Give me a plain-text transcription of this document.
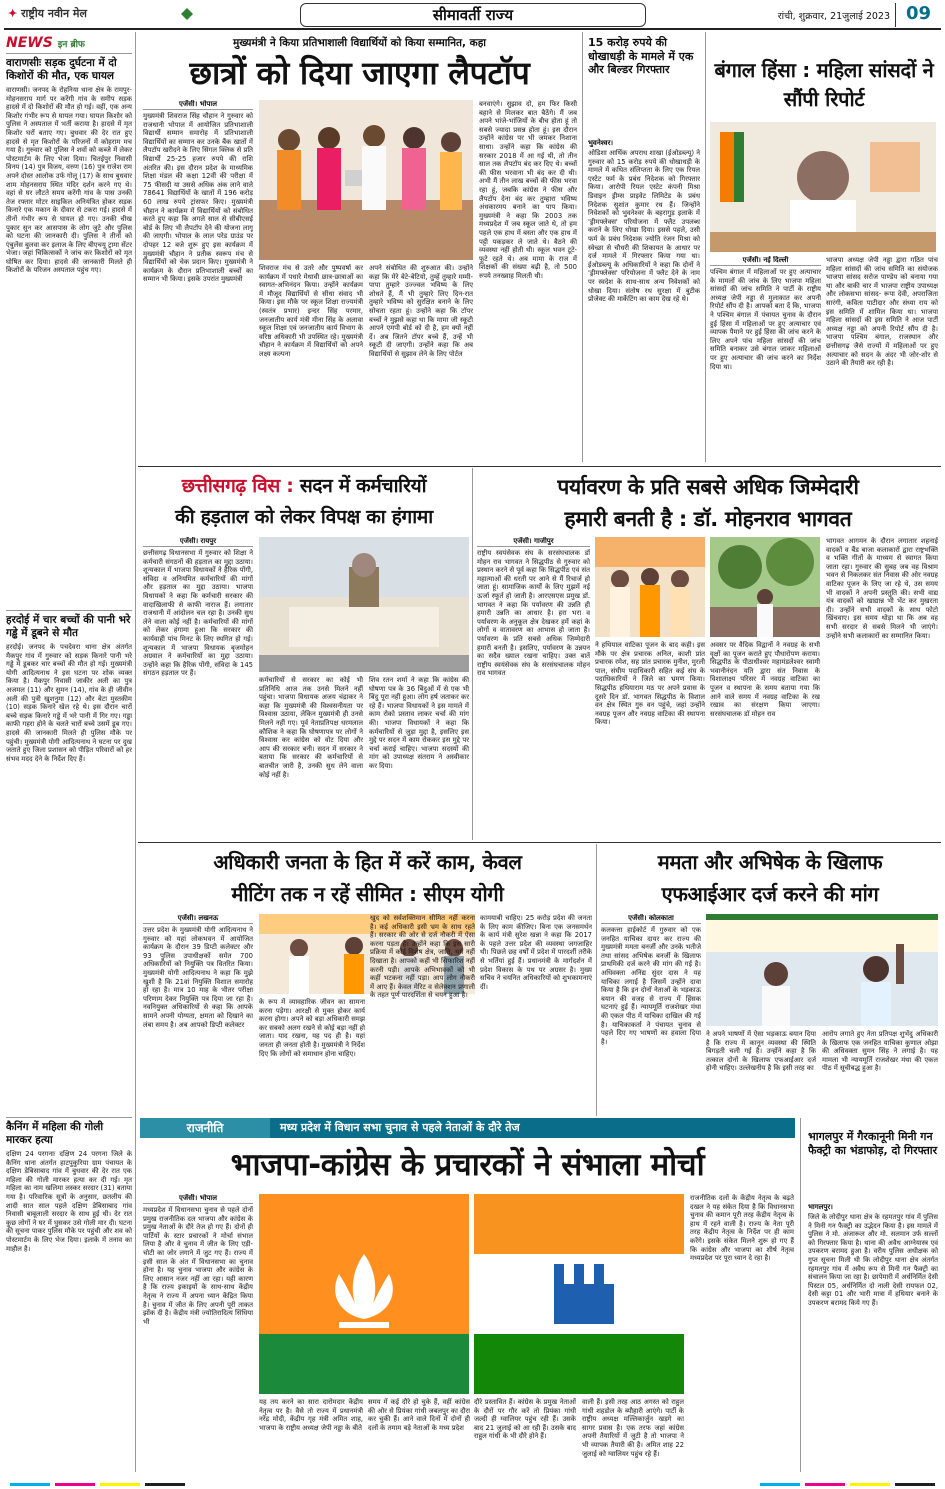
✦ राष्ट्रीय नवीन मेल	सीमावर्ती राज्य	रांची, शुक्रवार, 21जुलाई 2023 09
NEWS इन ब्रीफ
वाराणसीः सड़क दुर्घटना में दो किशोरों की मौत, एक घायल
वाराणसी। जनपद के रोहनिया थाना क्षेत्र के रामपुर-मोहनसराय मार्ग पर करेंगी गांव के समीप सड़क हादसे में दो किशोरों की मौत हो गई। वहीं, एक अन्य किशोर गंभीर रूप से घायल गया। घायल किशोर को पुलिस ने अस्पताल में भर्ती कराया है। हादसे में मृत किशोर घरों बताए गए। बुधवार की देर रात हुए हादसे से मृत किशोरों के परिजनों में कोहराम मच गया है। गुरुवार को पुलिस ने शवों को कब्जे में लेकर पोस्टमार्टम के लिए भेजा दिया। चितईपुर निवासी विनय (14) पुत्र विजय, वरुण (16) पुत्र राजेश राम अपने दोस्त आलोक उर्फ गोलू (17) के साथ बुधवार शाम मोहनसराय स्थित मंदिर दर्शन करने गए थे। वहां से घर लौटते समय करेंगी गांव के पास उनकी तेज रफ्तार मोटर साइकिल अनियंत्रित होकर सड़क किनारे एक मकान के दीवार से टकरा गई। हादसे में तीनों गंभीर रूप से घायल हो गए। उनकी चीख पुकार सुन कर आसपास के लोग जुटे और पुलिस को घटना की जानकारी दी। पुलिस ने तीनों को एंबुलेंस बुलवा कर इलाज के लिए बीएचयू ट्रामा सेंटर भेजा। जहां चिकित्सकों ने जांच कर किशोरों को मृत घोषित कर दिया। हादसे की जानकारी मिलते ही किशोरों के परिजन अस्पताल पहुंच गए।
हरदोई में चार बच्चों की पानी भरे गड्ढे में डूबने से मौत
हरदोई। जनपद के पचदेवरा थाना क्षेत्र अंतर्गत मैकपुर गांव में गुरुवार को सड़क किनारे पानी भरे गड्ढे में डूबकर चार बच्चों की मौत हो गई। मुख्यमंत्री योगी आदित्यनाथ ने इस घटना पर शोक व्यक्त किया है। मैकपुर निवासी जाकीर अली का पुत्र अजमल (11) और सुमन (14), गांव के ही जीवीन अली की पुत्री खुशनुमा (12) और बेटा मुस्तकीम (10) सड़क किनारे खेल रहे थे। इस दौरान चारों बच्चे सड़क किनारे गड्ढे में भरे पानी में गिर गए। गड्ढा काफी गहरा होने के चलते चारों बच्चे उसमें डूब गए। हादसे की जानकारी मिलते ही पुलिस मौके पर पहुंची। मुख्यमंत्री योगी आदित्यनाथ ने घटना पर दुख जताते हुए जिला प्रशासन को पीड़ित परिवारों को हर संभव मदद देने के निर्देश दिए हैं।
कैनिंग में महिला की गोली मारकर हत्या
दक्षिण 24 परगनाः दक्षिण 24 परगना जिले के कैनिंग थाना अंतर्गत हाटपुकुरिया ग्राम पंचायत के दक्षिण डेबिसाबाद गांव में बुधवार की देर रात एक महिला की गोली मारकर हत्या कर दी गई। मृत महिला का नाम खलिमा लस्कर सरदार (31) बताया गया है। परिवारिक सूत्रों के अनुसार, छतलीय की शादी सात साल पहले दक्षिण डेबिसाबाद गांव निवासी बाबूलाली सरदार के साथ हुई थी। देर रात कुछ लोगों ने घर में घुसकर उसे गोली मार दी। घटना की सूचना पाकर पुलिस मौके पर पहुंची और शव को पोस्टमार्टम के लिए भेज दिया। इलाके में तनाव का माहौल है।
मुख्यमंत्री ने किया प्रतिभाशाली विद्यार्थियों को किया सम्मानित, कहा
छात्रों को दिया जाएगा लैपटॉप
एजेंसी। भोपाल
मुख्यमंत्री शिवराज सिंह चौहान ने गुरुवार को राजधानी भोपाल में आयोजित प्रतिभाशाली विद्यार्थी सम्मान समारोह में प्रतिभाशाली विद्यार्थियों का सम्मान कर उनके बैंक खातों में लैपटॉप खरीदने के लिए सिंगल क्लिक से प्रति विद्यार्थी 25-25 हजार रुपये की राशि अंतरित की। इस दौरान प्रदेश के माध्यमिक शिक्षा मंडल की कक्षा 12वीं की परीक्षा में 75 फीसदी या उससे अधिक अंक लाने वाले 78641 विद्यार्थियों के खातों में 196 करोड़ 60 लाख रुपये ट्रांसफर किए। मुख्यमंत्री चौहान ने कार्यक्रम में विद्यार्थियों को संबोधित करते हुए कहा कि अगले साल से सीबीएसई बोर्ड के लिए भी लैपटॉप देने की योजना लागू की जाएगी। भोपाल के लाल परेड ग्राउंड पर दोपहर 12 बजे शुरू हुए इस कार्यक्रम में मुख्यमंत्री चौहान ने प्रतीक स्वरूप मंच से विद्यार्थियों को चेक प्रदान किए। मुख्यमंत्री ने कार्यक्रम के दौरान प्रतिभाशाली बच्चों का सम्मान भी किया। इसके उपरांत मुख्यमंत्री
शिवराज मंच से उतरे और पुष्पवर्षा कर कार्यक्रम में पधारे मेधावी छात्र-छात्राओं का स्वागत-अभिनंदन किया। उन्होंने कार्यक्रम में मौजूद विद्यार्थियों से सीधा संवाद भी किया। इस मौके पर स्कूल शिक्षा राज्यमंत्री (स्वतंत्र प्रभार) इन्दर सिंह परमार, जनजातीय कार्य मंत्री मीना सिंह के अलावा स्कूल शिक्षा एवं जनजातीय कार्य विभाग के वरिष्ठ अधिकारी भी उपस्थित रहे। मुख्यमंत्री चौहान ने कार्यक्रम में विद्यार्थियों को अपने लक्ष्य कल्पना
अपने संबोधित की शुरुआत की। उन्होंने कहा कि मेरे बेटे-बेटियो, तुम्हें तुम्हारे मम्मी-पापा तुम्हारे उज्ज्वल भविष्य के लिए शोधते हैं, मैं भी तुम्हारे लिए दिन-रात तुम्हारे भविष्य को सुरक्षित बनाने के लिए सोचता रहता हूं। उन्होंने कहा कि टॉपर बच्चों ने मुझसे कहा था कि मामा जी स्कूटी आपने एमपी बोर्ड को दी है, हम क्यों नहीं दें। अब जितने टॉपर बच्चे हैं, उन्हें भी स्कूटी दी जाएगी। उन्होंने कहा कि अब विद्यार्थियों से सुझाव लेने के लिए पोर्टल
बनवाएंगे। सुझाव दो, हम फिर किसी बहाने से मिलकर बात बैठेंगे। मैं जब अपने भांजे-भांजियों के बीच होता हूं तो सबसे ज्यादा प्रसन्न होता हूं। इस दौरान उन्होंने कांग्रेस पर भी जमकर निशाना साधा। उन्होंने कहा कि कांग्रेस की सरकार 2018 में आ गई थी, तो तीन साल तक लैपटॉप बंद कर दिए थे। बच्चों की फीस भरवाना भी बंद कर दी थी। अभी मैं तीन लाख बच्चों की फीस भरवा रहा हूं, जबकि कांग्रेस ने फीस और लैपटॉप देना बंद कर तुम्हारा भविष्य अंधकारमय बनाने का पाप किया। मुख्यमंत्री ने कहा कि 2003 तक मध्यप्रदेश में जब स्कूल जाते थे, तो हम पहले एक हाथ में बस्ता और एक हाथ में पट्टी पकड़कर ले जाते थे। बैठने की व्यवस्था नहीं होती थी। स्कूल भवन टूटे-फूटे रहते थे। अब मामा के राज में शिक्षकों की संख्या बढ़ी है, तो 500 रुपये तनख्वाह मिलती थी।
15 करोड़ रुपये की धोखाधड़ी के मामले में एक और बिल्डर गिरफ्तार
भुवनेश्वर।
ओडिशा आर्थिक अपराध शाखा (ईओडब्ल्यू) ने गुरुवार को 15 करोड़ रुपये की धोखाधड़ी के मामले में कथित संलिप्तता के लिए एक रियल एस्टेट फर्म के प्रबंध निदेशक को गिरफ्तार किया। आरोपी रियल एस्टेट कंपनी मिश्रा डिवाइन ड्रीम्स प्राइवेट लिमिटेड के प्रबंध निदेशक सुशांत कुमार रथ हैं। जिन्होंने निवेशकों को भुवनेश्वर के बहरागुड़ इलाके में 'ड्रीमफ्लेक्स' परियोजना में फ्लैट उपलब्ध कराने के लिए धोखा दिया। इससे पहले, उसी फर्म के प्रबंध निदेशक ज्योति रंजन मिश्रा को स्वेच्छा से चौधरी की शिकायत के आधार पर दर्ज मामले में गिरफ्तार किया गया था। ईओडब्ल्यू के अधिकारियों ने कहा कि दोनों ने 'ड्रीमफ्लेक्स' परियोजना में फ्लैट देने के नाम पर स्वदेश के साथ-साथ अन्य निवेशकों को धोखा दिया। संतोष रथ सुरक्षा में बुटीक प्रोजेक्ट की मार्केटिंग का काम देख रहे थे।
बंगाल हिंसा : महिला सांसदों ने सौंपी रिपोर्ट
एजेंसी। नई दिल्ली
पश्चिम बंगाल में महिलाओं पर हुए अत्याचार के मामलों की जांच के लिए भाजपा महिला सांसदों की जांच समिति ने पार्टी के राष्ट्रीय अध्यक्ष जेपी नड्डा से मुलाकात कर अपनी रिपोर्ट सौंप दी है। आपको बता दें कि, भाजपा ने पश्चिम बंगाल में पंचायत चुनाव के दौरान हुई हिंसा में महिलाओं पर हुए अत्याचार एवं व्यापक पैमाने पर हुई हिंसा की जांच करने के लिए अपने पांच महिला सांसदों की जांच समिति बनाकर उसे बंगाल जाकर महिलाओं पर हुए अत्याचार की जांच करने का निर्देश दिया था।
भाजपा अध्यक्ष जेपी नड्डा द्वारा गठित पांच महिला सांसदों की जांच समिति का संयोजक भाजपा सांसद सरोज पाण्डेय को बनाया गया था और बाकी चार में भाजपा राष्ट्रीय उपाध्यक्ष और लोकसभा सांसद- रूपा देवी, अपराजिता सारंगी, कविता पाटीदार और संध्या राय को इस समिति में शामिल किया था। भाजपा महिला सांसदों की इस समिति ने आज पार्टी अध्यक्ष नड्डा को अपनी रिपोर्ट सौंप दी है। भाजपा पश्चिम बंगाल, राजस्थान और छत्तीसगढ़ जैसे राज्यों में महिलाओं पर हुए अत्याचार को सदन के अंदर भी जोर-शोर से उठाने की तैयारी कर रही है।
छत्तीसगढ़ विस : सदन में कर्मचारियों
की हड़ताल को लेकर विपक्ष का हंगामा
एजेंसी। रायपुर
छत्तीसगढ़ विधानसभा में गुरुवार को शिक्षा ने कर्मचारी संगठनों की हड़ताल का मुद्दा उठाया। शून्यकाल में भाजपा विधायकों ने हैरिक पोंगी, संविदा व अनियमित कर्मचारियों की मांगों और हड़ताल का मुद्दा उठाया। भाजपा विधायकों ने कहा कि कर्मचारी सरकार की वादाखिलाफी से काफी नाराज हैं। लगातार राजधानी में आंदोलन चल रहा है। उनकी सुध लेने वाला कोई नहीं है। कर्मचारियों की मांगों को लेकर हंगामा हुआ कि सरकार की कार्यवाही पांच मिनट के लिए स्थगित हो गई। शून्यकाल में भाजपा विधायक बृजमोहन अग्रवाल ने कर्मचारियों का मुद्दा उठाया। उन्होंने कहा कि हैरिक पोंगी, संविदा के 145 संगठन हड़ताल पर हैं।
कर्मचारियों से सरकार का कोई भी प्रतिनिधि आज तक उनसे मिलने नहीं पहुंचा। भाजपा विधायक अजय चंद्राकर ने कहा कि मुख्यमंत्री की विश्वसनीयता पर विश्वास उठाया, लेकिन मुख्यमंत्री ही उनसे मिलने नहीं गए। पूर्व नेताप्रतिपक्ष धरमलाल कौशिक ने कहा कि घोषणापत्र पर लोगों ने विश्वास कर कांग्रेस को वोट दिया और आप की सरकार बनी। सदन में सरकार ने बताया कि सरकार की कर्मचारियों से बातचीत जारी है, उनकी सुध लेने वाला कोई नहीं है।
शिव रतन शर्मा ने कहा कि कांग्रेस की घोषणा पत्र के 36 बिंदुओं में से एक भी बिंदु पूरा नहीं हुआ। लोग हर्ष जताकर कर रहे हैं। भाजपा विधायकों ने इस मामले में काम रोको प्रस्ताव लाकर चर्चा की मांग की। भाजपा विधायकों ने कहा कि कर्मचारियों से जुड़ा मुद्दा है, इसलिए इस मुद्दे पर सदन में काम रोककर इस मुद्दे पर चर्चा कराई चाहिए। भाजपा सदस्यों की मांग को उपाध्यक्ष संतराम ने अस्वीकार कर दिया।
पर्यावरण के प्रति सबसे अधिक जिम्मेदारी
हमारी बनती है : डॉ. मोहनराव भागवत
एजेंसी। गाजीपुर
राष्ट्रीय स्वयंसेवक संघ के सरसंघचालक डॉ मोहन राव भागवत ने सिद्धपीठ से गुरुवार को प्रस्थान करने से पूर्व कहा कि सिद्धपीठ एवं संत महात्माओं की धरती पर आने से मैं रिचार्ज हो जाता हूं। सामाजिक कार्यों के लिए मुझमें नई ऊर्जा स्फूर्त हो जाती है। आरएसएस प्रमुख डॉ. भागवत ने कहा कि पर्यावरण की उन्नति ही हमारी उन्नति का आधार है। हरा भरा व पर्यावरण के अनुकूल क्षेत्र देखकर हमें कहां के लोगों व वातावरण का आभास हो जाता है। पर्यावरण के प्रति सबसे अधिक जिम्मेदारी हमारी बनती है। इसलिए, पर्यावरण के उन्नयन का सदैव ख्याल रखना चाहिए। उक्त बातें राष्ट्रीय स्वयंसेवक संघ के सरसंघचालक मोहन राव भागवत
ने हथियाल वाटिका पूजन के बाद कही। इस मौके पर क्षेत्र प्रचारक अनिल, काशी प्रांत प्रचारक रमेश, सह प्रांत प्रचारक मुनीश, मुरली पाल, संघीय पदाधिकारी सहित कई संघ के पदाधिकारियों ने जिले का भ्रमण किया। सिद्धपीठ हथियाराम मठ पर अपने प्रवास के दूसरे दिन डॉ. भागवत सिद्धपीठ के विशाल वन क्षेत्र स्थित गुरु वन पहुंचे, जहां उन्होंने नवग्रह पूजन और नवग्रह वाटिका की स्थापना किया।
अवसर पर वैदिक विद्वानों ने नवग्रह के सभी वृक्षों का पूजन कराते हुए पौधारोपण कराया। सिद्धपीठ के पीठाधीश्वर महामंडलेश्वर स्वामी भवानीनंदन यति द्वारा संत निवास के विशालाक्ष्य परिसर में नवग्रह वाटिका का पूजन व स्थापना के समय बताया गया कि आने वाले समय में नवग्रह वाटिका के रख रखाव का संरक्षण किया जाएगा। सरसंघचालक डॉ मोहन राव
भागवत आगमन के दौरान लगातार शहनाई वादकों व बैंड बाजा कलाकारों द्वारा राष्ट्रभक्ति व भक्ति गीतों के माध्यम से स्वागत किया जाता रहा। गुरुवार की सुबह जब वह विश्राम भवन से निकलकर संत निवास की ओर नवग्रह वाटिका पूजन के लिए जा रहे थे, उस समय भी वादकों ने अपनी प्रस्तुति की। सभी वाद्य यंत्र वादकों को खाद्यान्न भी भेंट कर मुखरता दी। उन्होंने सभी वादकों के साथ फोटो खिंचवाए। इस समय थोड़ा था कि अब वह सभी सरदार से सबसे मिलने भी जाएंगे। उन्होंने सभी कलाकारों का सम्मानित किया।
अधिकारी जनता के हित में करें काम, केवल
मीटिंग तक न रहें सीमित : सीएम योगी
एजेंसी। लखनऊ
उत्तर प्रदेश के मुख्यमंत्री योगी आदित्यनाथ ने गुरुवार को यहां लोकभवन में आयोजित कार्यक्रम के दौरान 39 डिप्टी कलेक्टर और 93 पुलिस उपाधीक्षकों समेत 700 अधिकारियों को नियुक्ति पत्र वितरित किया। मुख्यमंत्री योगी आदित्यनाथ ने कहा कि मुझे खुशी है कि 21वां नियुक्ति विशाल समारोह हो रहा है। मात्र 10 माह के भीतर परीक्षा परिणाम देकर नियुक्ति पत्र दिया जा रहा है। नवनियुक्त अधिकारियों से कहा कि आपके सामने अपनी योग्यता, क्षमता को दिखाने का लंबा समय है। अब आपको डिप्टी कलेक्टर
के रूप में व्यावहारिक जीवन का सामना करना पड़ेगा। आरक्षी से मुक्त होकर कार्य करना होगा। अपने को बड़ा अधिकारी समझ कर सबको अलग रखने से कोई बड़ा नहीं हो जाता। याद रखना, यह पद ही है। यहां जनता ही जनता होती है। मुख्यमंत्री ने निर्देश दिए कि लोगों को समाधान होना चाहिए।
खुद को सर्वशक्तिमान सीमित नहीं करना है। कई अधिकारी इसी भ्रम के साथ रहते हैं। सरकार की ओर से दर्ज नौकरी में ऐसा करना पड़ता है। उन्होंने कहा कि इस सारी प्रक्रिया में कोई विशेष क्षेत्र, जाति, धर्म नहीं दिखाता है। आपको कहीं भी सिफारिश नहीं करनी पड़ी। आपके अभिभावकों को भी कहीं भटकना नहीं पड़ा। आप लोग नौकरी में आए हैं। केवल मेरिट व सेलेक्शन प्रणाली के तहत पूर्ण पारदर्शिता से चयन हुआ है।
कामयाबी चाहिए। 25 करोड़ प्रदेश की जनता के लिए काम कीजिए। बिना एक जनसमर्थन के कार्य मंत्री सुरेश खन्ना ने कहा कि 2017 के पहले उत्तर प्रदेश की व्यवस्था जगजाहिर थी। पिछले छह वर्षों में प्रदेश में पारदर्शी तरीके से भर्तियां हुई हैं। प्रधानमंत्री के मार्गदर्शन में प्रदेश विकास के पथ पर अग्रसर है। मुख्य सचिव ने चयनित अधिकारियों को शुभकामनाएं दीं।
ममता और अभिषेक के खिलाफ
एफआईआर दर्ज करने की मांग
एजेंसी। कोलकाता
कलकत्ता हाईकोर्ट में गुरुवार को एक जनहित याचिका दायर कर राज्य की मुख्यमंत्री ममता बनर्जी और उनके भतीजे तथा सांसद अभिषेक बनर्जी के खिलाफ प्राथमिकी दर्ज करने की मांग की गई है। अधिवक्ता अनिंद्य सुंदर दास ने यह याचिका लगाई है जिसमें उन्होंने दावा किया है कि इन दोनों नेताओं के भड़काऊ बयान की वजह से राज्य में हिंसक घटनाएं हुई हैं। न्यायमूर्ति राजशेखर मंथा की एकल पीठ में याचिका दाखिल की गई है। याचिकाकर्ता ने पंचायत चुनाव से पहले दिए गए भाषणों का हवाला दिया है।
ने अपने भाषणों में ऐसा भड़काऊ बयान दिया है कि राज्य में कानून व्यवस्था की स्थिति बिगड़ती चली गई है। उन्होंने कहा है कि तत्काल दोनों के खिलाफ एफआईआर दर्ज होनी चाहिए। उल्लेखनीय है कि इसी तरह का
आरोप लगाते हुए नेता प्रतिपक्ष शुभेंदु अधिकारी के खिलाफ एक जनहित याचिका कुणाल ओझा की अधिवक्ता सुमन सिंह ने लगाई है। यह मामला भी न्यायमूर्ति राजशेखर मंथा की एकल पीठ में सूचीबद्ध हुआ है।
राजनीति	मध्य प्रदेश में विधान सभा चुनाव से पहले नेताओं के दौरे तेज
भाजपा-कांग्रेस के प्रचारकों ने संभाला मोर्चा
एजेंसी। भोपाल
मध्यप्रदेश में विधानसभा चुनाव से पहले दोनों प्रमुख राजनीतिक दल भाजपा और कांग्रेस के प्रमुख नेताओं के दौरे तेज हो गए हैं। दोनों ही पार्टियों के स्टार प्रचारकों ने मोर्चा संभाल लिया है और वे चुनाव में जीत के लिए एड़ी-चोटी का जोर लगाने में जुट गए हैं। राज्य में इसी साल के अंत में विधानसभा का चुनाव होना है। यह चुनाव भाजपा और कांग्रेस के लिए आसान नजर नहीं आ रहा। यही कारण है कि राज्य इकाइयों के साथ-साथ केंद्रीय नेतृत्व ने राज्य में अपना ध्यान केंद्रित किया है। चुनाव में जीत के लिए अपनी पूरी ताकत झोंक दी है। केंद्रीय मंत्री ज्योतिरादित्य सिंधिया भी
यह तय करने का सारा दारोमदार केंद्रीय नेतृत्व पर है। वैसे तो राज्य में प्रधानमंत्री नरेंद्र मोदी, केंद्रीय गृह मंत्री अमित शाह, भाजपा के राष्ट्रीय अध्यक्ष जेपी नड्डा के बीते
समय में कई दौरे हो चुके हैं, वहीं कांग्रेस की ओर से प्रियंका गांधी जबलपुर का दौरा कर चुकी हैं। आने वाले दिनों में दोनों ही दलों के तमाम बड़े नेताओं के मध्य प्रदेश
दौरे प्रस्तावित हैं। कांग्रेस के प्रमुख नेताओं के दौरों पर गौर करें तो प्रियंका गांधी जल्दी ही ग्वालियर पहुंच रही हैं। उसके बाद 21 जुलाई को आ रही हैं। उसके बाद राहुल गांधी के भी दौरे होने हैं।
वाली हैं। इसी तरह आठ अगस्त को राहुल गांधी शहडोल के ब्यौहारी आएंगे। पार्टी के राष्ट्रीय अध्यक्ष मल्लिकार्जुन खड़गे का सागर प्रवास है। एक तरफ जहां कांग्रेस अपनी तैयारियों में जुटी है तो भाजपा ने भी व्यापक तैयारी की है। अमित शाह 22 जुलाई को ग्वालियर पहुंच रहे हैं।
राजनीतिक दलों के केंद्रीय नेतृत्व के बढ़ते दखल ने यह संकेत दिया है कि विधानसभा चुनाव की कमान पूरी तरह केंद्रीय नेतृत्व के हाथ में रहने वाली है। राज्य के नेता पूरी तरह केंद्रीय नेतृत्व के निर्देश पर ही काम करेंगे। इसके संकेत मिलने शुरू हो गए हैं कि कांग्रेस और भाजपा का शीर्ष नेतृत्व मध्यप्रदेश पर पूरा ध्यान दे रहा है।
भागलपुर में गैरकानूनी मिनी गन फैक्ट्री का भंडाफोड़, दो गिरफ्तार
भागलपुर।
जिले के लोदीपुर थाना क्षेत्र के रहमतपुर गांव में पुलिस ने मिनी गन फैक्ट्री का उद्भेदन किया है। इस मामले में पुलिस ने मो. अंजारूल और मो. सलमान उर्फ सल्लों को गिरफ्तार किया है। थाना की अवैध आग्नेयास्त्र एवं उपकरण बरामद हुआ है। वरीय पुलिस अधीक्षक को गुप्त सूचना मिली थी कि लोदीपुर थाना क्षेत्र अंतर्गत रहमतपुर गांव में अवैध रूप से मिनी गन फैक्ट्री का संचालन किया जा रहा है। छापेमारी में अर्धनिर्मित देसी पिस्टल 05, अर्धनिर्मित दो नाली देसी रायफल 02, देसी कट्टा 01 और भारी मात्रा में हथियार बनाने के उपकरण बरामद किये गए हैं।
